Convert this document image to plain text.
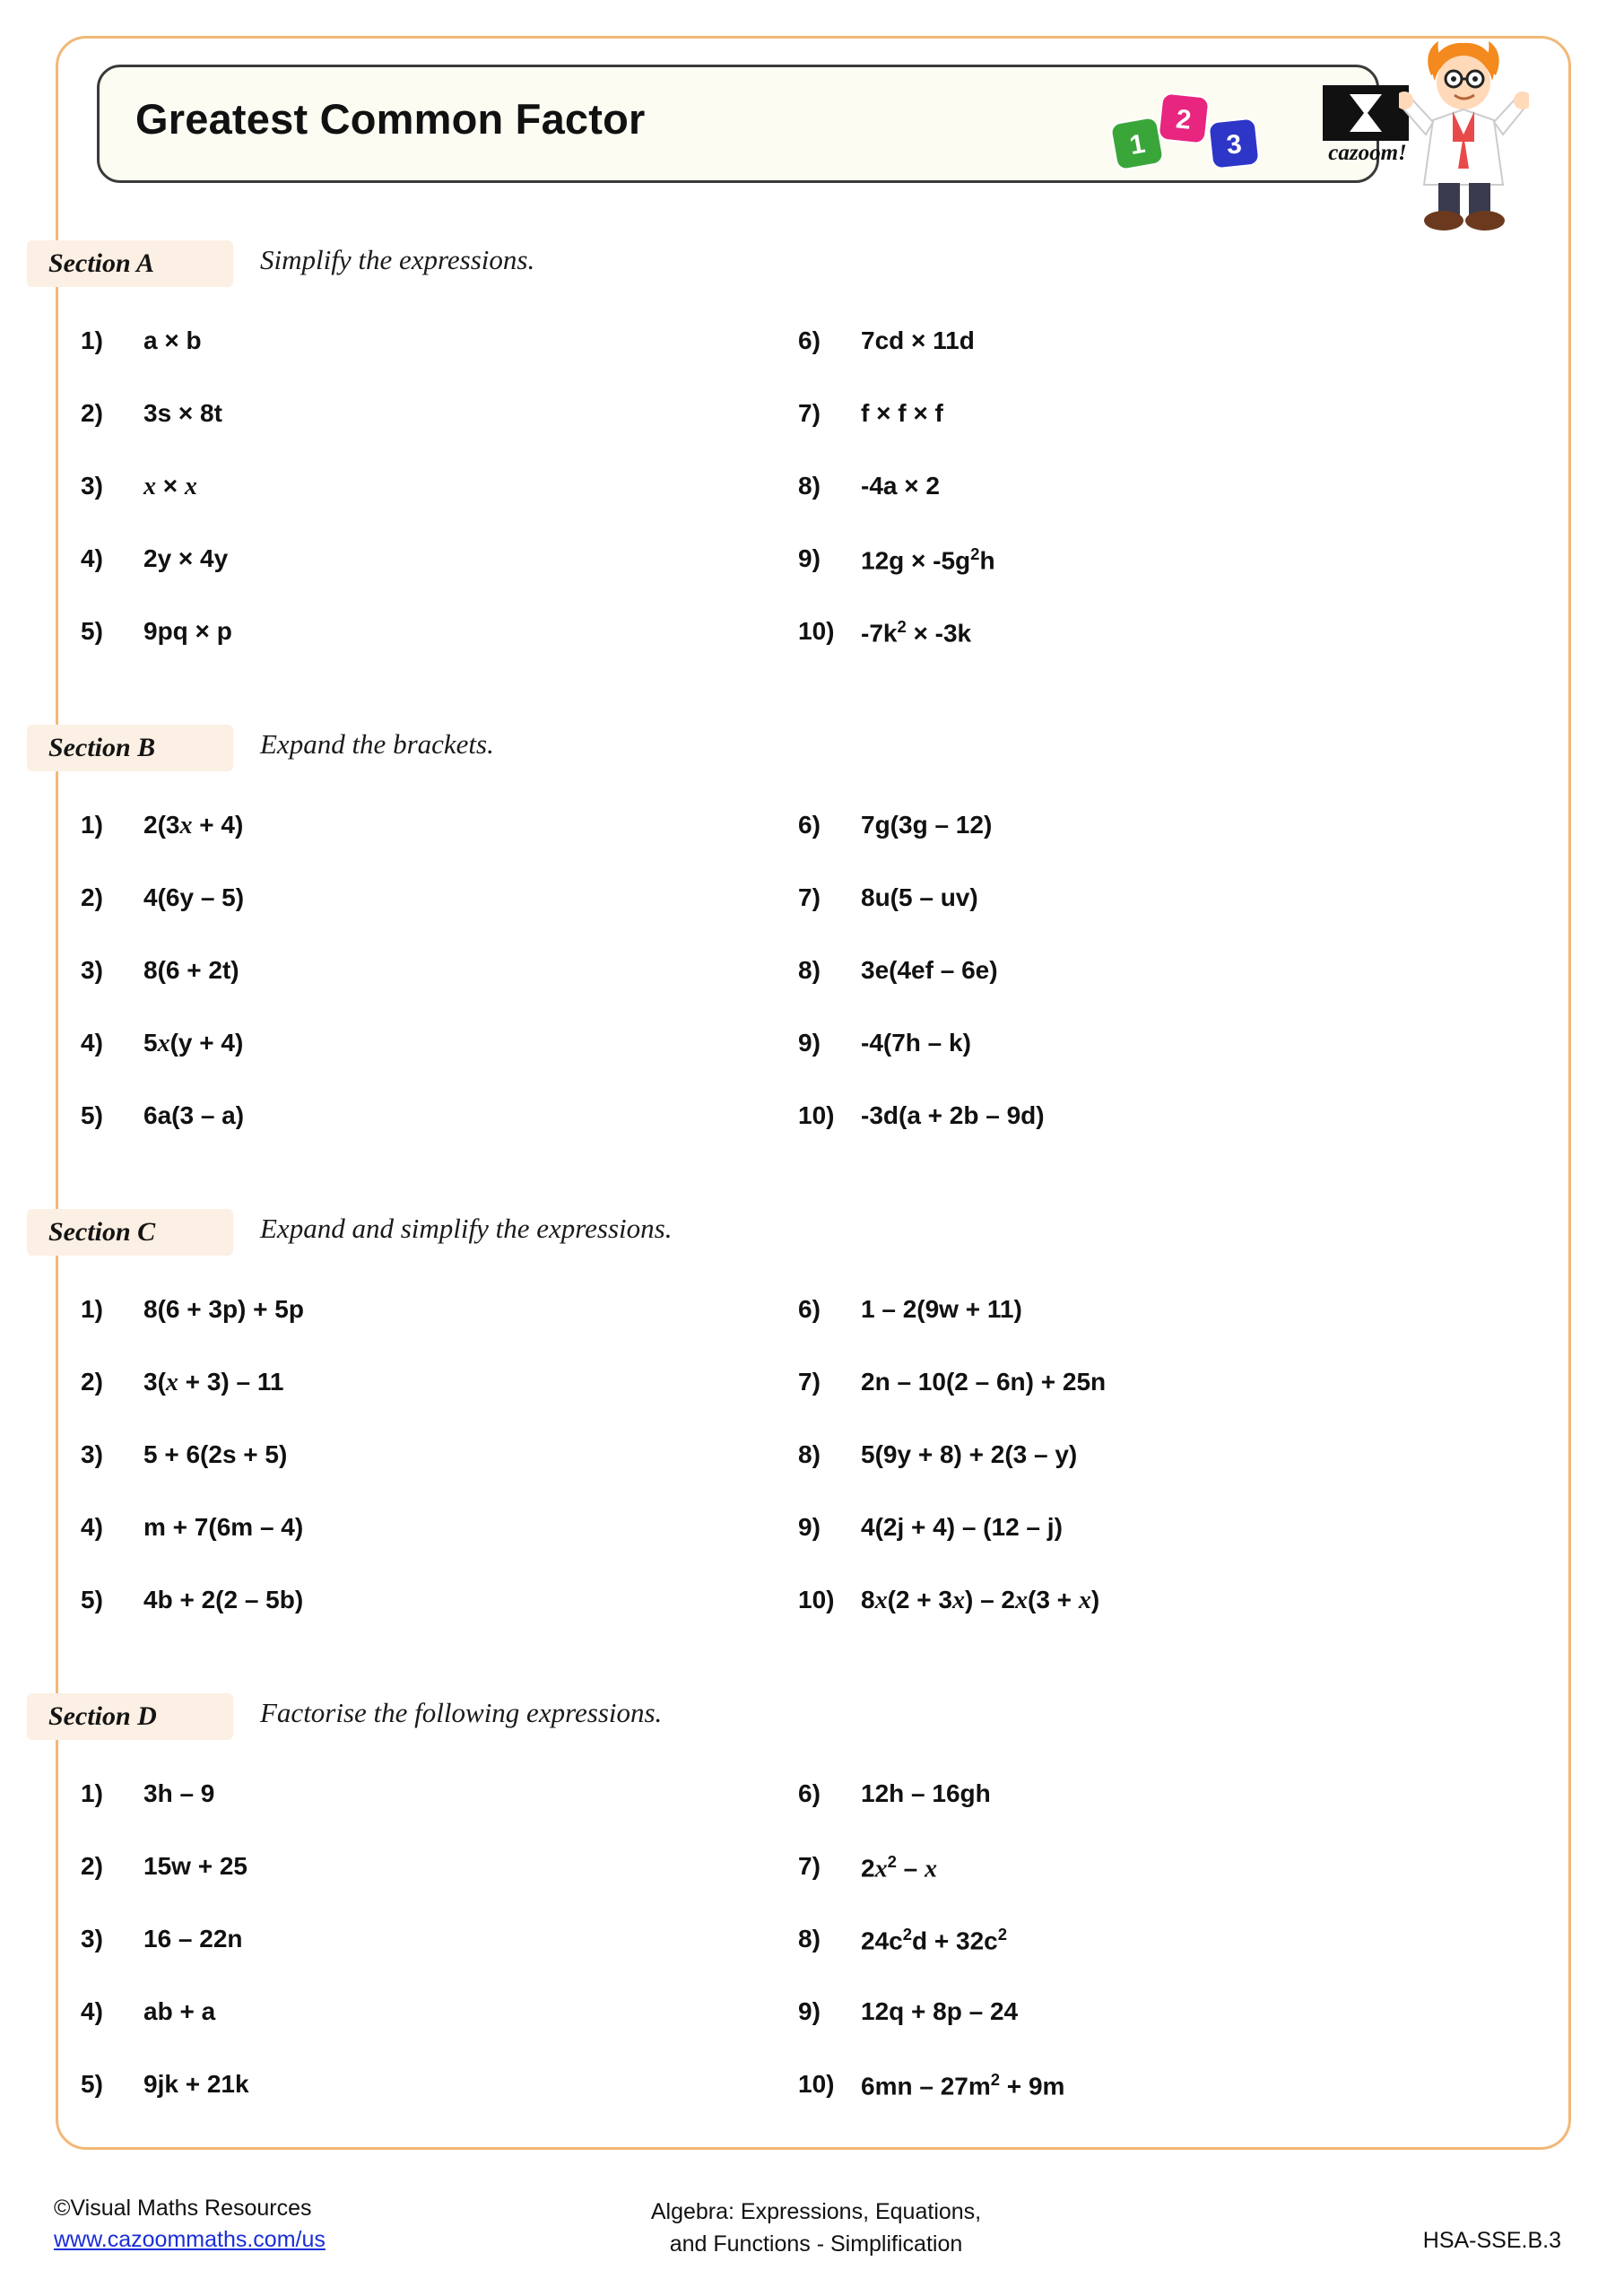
Greatest Common Factor
1
2
3	cazoom!
Section A	Simplify the expressions.
1)	a × b
2)	3s × 8t
3)	x × x
4)	2y × 4y
5)	9pq × p
6)	7cd × 11d
7)	f × f × f
8)	-4a × 2
9)	$12g \times -5g^2h$
10)	$-7k^2 \times -3k$
Section B	Expand the brackets.
1)	2(3x + 4)
2)	4(6y – 5)
3)	8(6 + 2t)
4)	5x(y + 4)
5)	6a(3 – a)
6)	7g(3g – 12)
7)	8u(5 – uv)
8)	3e(4ef – 6e)
9)	-4(7h – k)
10)	-3d(a + 2b – 9d)
Section C	Expand and simplify the expressions.
1)	8(6 + 3p) + 5p
2)	3(x + 3) – 11
3)	5 + 6(2s + 5)
4)	m + 7(6m – 4)
5)	4b + 2(2 – 5b)
6)	1 – 2(9w + 11)
7)	2n – 10(2 – 6n) + 25n
8)	5(9y + 8) + 2(3 – y)
9)	4(2j + 4) – (12 – j)
10)	8x(2 + 3x) – 2x(3 + x)
Section D	Factorise the following expressions.
1)	3h – 9
2)	15w + 25
3)	16 – 22n
4)	ab + a
5)	9jk + 21k
6)	12h – 16gh
7)	$2x^2$ – x
8)	$24c^2d + 32c^2$
9)	12q + 8p – 24
10)	$6mn - 27m^2 + 9m$
©Visual Maths Resources
www.cazoommaths.com/us
Algebra: Expressions, Equations,
and Functions - Simplification	HSA-SSE.B.3
